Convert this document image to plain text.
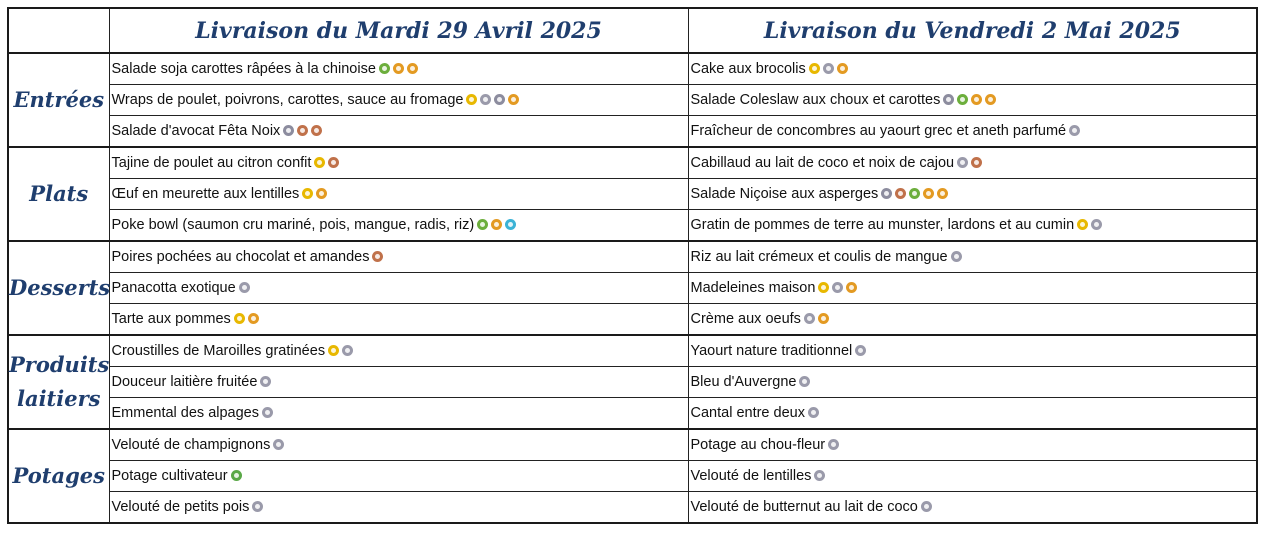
	Livraison du Mardi 29 Avril 2025	Livraison du Vendredi 2 Mai 2025
Entrées	Salade soja carottes râpées à la chinoise	Cake aux brocolis
	Wraps de poulet, poivrons, carottes, sauce au fromage	Salade Coleslaw aux choux et carottes
	Salade d'avocat Fêta Noix	Fraîcheur de concombres au yaourt grec et aneth parfumé
Plats	Tajine de poulet au citron confit	Cabillaud au lait de coco et noix de cajou
	Œuf en meurette aux lentilles	Salade Niçoise aux asperges
	Poke bowl (saumon cru mariné, pois, mangue, radis, riz)	Gratin de pommes de terre au munster, lardons et au cumin
Desserts	Poires pochées au chocolat et amandes	Riz au lait crémeux et coulis de mangue
	Panacotta exotique	Madeleines maison
	Tarte aux pommes	Crème aux oeufs
Produits laitiers	Croustilles de Maroilles gratinées	Yaourt nature traditionnel
	Douceur laitière fruitée	Bleu d'Auvergne
	Emmental des alpages	Cantal entre deux
Potages	Velouté de champignons	Potage au chou-fleur
	Potage cultivateur	Velouté de lentilles
	Velouté de petits pois	Velouté de butternut au lait de coco
